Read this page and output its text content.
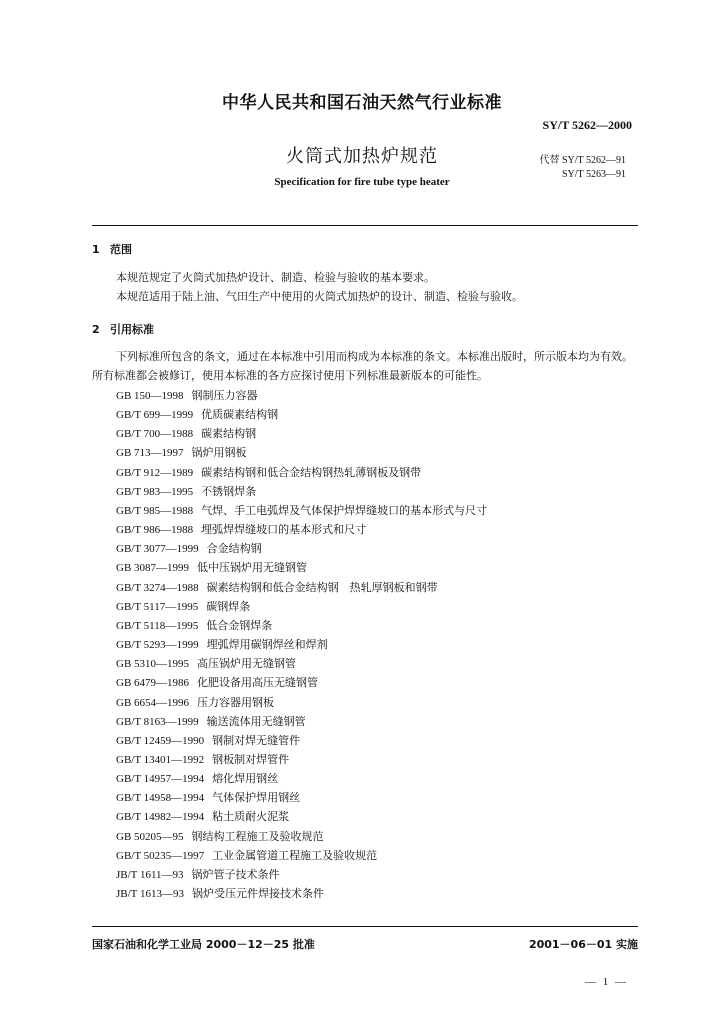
中华人民共和国石油天然气行业标准
SY/T 5262—2000
火筒式加热炉规范	代替 SY/T 5262—91
SY/T 5263—91
Specification for fire tube type heater
1 范围
本规范规定了火筒式加热炉设计、制造、检验与验收的基本要求。
本规范适用于陆上油、气田生产中使用的火筒式加热炉的设计、制造、检验与验收。
2 引用标准
下列标准所包含的条文，通过在本标准中引用而构成为本标准的条文。本标准出版时，所示版本均为有效。所有标准都会被修订，使用本标准的各方应探讨使用下列标准最新版本的可能性。
GB 150—1998 钢制压力容器
GB/T 699—1999 优质碳素结构钢
GB/T 700—1988 碳素结构钢
GB 713—1997 锅炉用钢板
GB/T 912—1989 碳素结构钢和低合金结构钢热轧薄钢板及钢带
GB/T 983—1995 不锈钢焊条
GB/T 985—1988 气焊、手工电弧焊及气体保护焊焊缝坡口的基本形式与尺寸
GB/T 986—1988 埋弧焊焊缝坡口的基本形式和尺寸
GB/T 3077—1999 合金结构钢
GB 3087—1999 低中压锅炉用无缝钢管
GB/T 3274—1988 碳素结构钢和低合金结构钢　热轧厚钢板和钢带
GB/T 5117—1995 碳钢焊条
GB/T 5118—1995 低合金钢焊条
GB/T 5293—1999 埋弧焊用碳钢焊丝和焊剂
GB 5310—1995 高压锅炉用无缝钢管
GB 6479—1986 化肥设备用高压无缝钢管
GB 6654—1996 压力容器用钢板
GB/T 8163—1999 输送流体用无缝钢管
GB/T 12459—1990 钢制对焊无缝管件
GB/T 13401—1992 钢板制对焊管件
GB/T 14957—1994 熔化焊用钢丝
GB/T 14958—1994 气体保护焊用钢丝
GB/T 14982—1994 粘土质耐火泥浆
GB 50205—95 钢结构工程施工及验收规范
GB/T 50235—1997 工业金属管道工程施工及验收规范
JB/T 1611—93 锅炉管子技术条件
JB/T 1613—93 锅炉受压元件焊接技术条件
国家石油和化学工业局 2000－12－25 批准	2001－06－01 实施
— 1 —
